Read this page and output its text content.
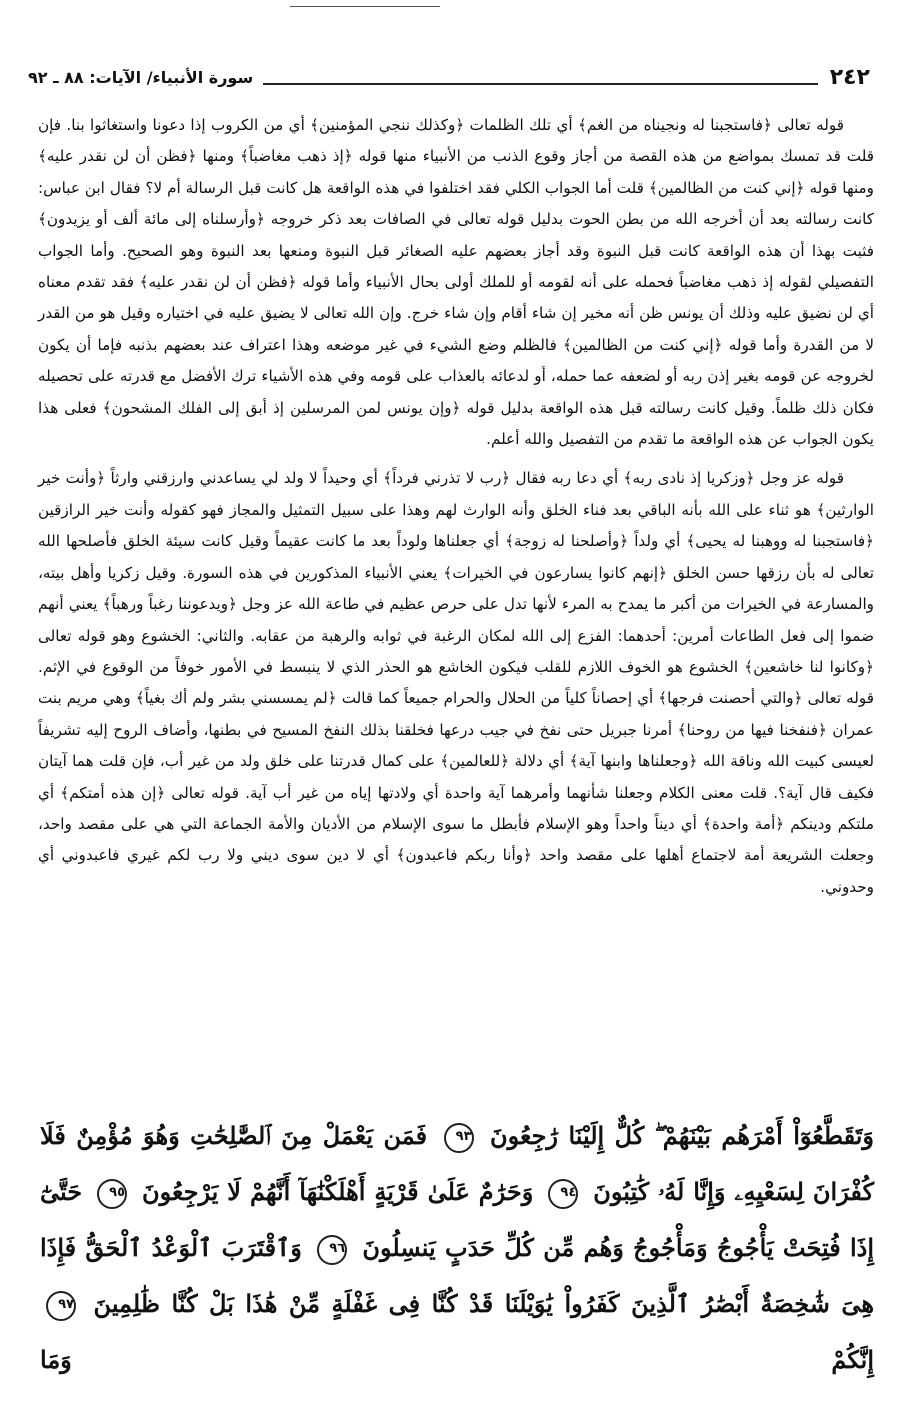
٢٤٢
سورة الأنبياء/ الآيات: ٨٨ ـ ٩٢

قوله تعالى ﴿فاستجبنا له ونجيناه من الغم﴾ أي تلك الظلمات ﴿وكذلك ننجي المؤمنين﴾ أي من الكروب إذا دعونا واستغاثوا بنا. فإن قلت قد تمسك بمواضع من هذه القصة من أجاز وقوع الذنب من الأنبياء منها قوله ﴿إذ ذهب مغاضباً﴾ ومنها ﴿فظن أن لن نقدر عليه﴾ ومنها قوله ﴿إني كنت من الظالمين﴾ قلت أما الجواب الكلي فقد اختلفوا في هذه الواقعة هل كانت قبل الرسالة أم لا؟ فقال ابن عباس: كانت رسالته بعد أن أخرجه الله من بطن الحوت بدليل قوله تعالى في الصافات بعد ذكر خروجه ﴿وأرسلناه إلى مائة ألف أو يزيدون﴾ فثبت بهذا أن هذه الواقعة كانت قبل النبوة وقد أجاز بعضهم عليه الصغائر قبل النبوة ومنعها بعد النبوة وهو الصحيح. وأما الجواب التفصيلي لقوله إذ ذهب مغاضباً فحمله على أنه لقومه أو للملك أولى بحال الأنبياء وأما قوله ﴿فظن أن لن نقدر عليه﴾ فقد تقدم معناه أي لن نضيق عليه وذلك أن يونس ظن أنه مخير إن شاء أقام وإن شاء خرج. وإن الله تعالى لا يضيق عليه في اختياره وقيل هو من القدر لا من القدرة وأما قوله ﴿إني كنت من الظالمين﴾ فالظلم وضع الشيء في غير موضعه وهذا اعتراف عند بعضهم بذنبه فإما أن يكون لخروجه عن قومه بغير إذن ربه أو لضعفه عما حمله، أو لدعائه بالعذاب على قومه وفي هذه الأشياء ترك الأفضل مع قدرته على تحصيله فكان ذلك ظلماً. وقيل كانت رسالته قبل هذه الواقعة بدليل قوله ﴿وإن يونس لمن المرسلين إذ أبق إلى الفلك المشحون﴾ فعلى هذا يكون الجواب عن هذه الواقعة ما تقدم من التفصيل والله أعلم.

قوله عز وجل ﴿وزكريا إذ نادى ربه﴾ أي دعا ربه فقال ﴿رب لا تذرني فرداً﴾ أي وحيداً لا ولد لي يساعدني وارزقني وارثاً ﴿وأنت خير الوارثين﴾ هو ثناء على الله بأنه الباقي بعد فناء الخلق وأنه الوارث لهم وهذا على سبيل التمثيل والمجاز فهو كقوله وأنت خير الرازقين ﴿فاستجبنا له ووهبنا له يحيى﴾ أي ولداً ﴿وأصلحنا له زوجة﴾ أي جعلناها ولوداً بعد ما كانت عقيماً وقيل كانت سيئة الخلق فأصلحها الله تعالى له بأن رزقها حسن الخلق ﴿إنهم كانوا يسارعون في الخيرات﴾ يعني الأنبياء المذكورين في هذه السورة. وقيل زكريا وأهل بيته، والمسارعة في الخيرات من أكبر ما يمدح به المرء لأنها تدل على حرص عظيم في طاعة الله عز وجل ﴿ويدعوننا رغباً ورهباً﴾ يعني أنهم ضموا إلى فعل الطاعات أمرين: أحدهما: الفزع إلى الله لمكان الرغبة في ثوابه والرهبة من عقابه. والثاني: الخشوع وهو قوله تعالى ﴿وكانوا لنا خاشعين﴾ الخشوع هو الخوف اللازم للقلب فيكون الخاشع هو الحذر الذي لا ينبسط في الأمور خوفاً من الوقوع في الإثم. قوله تعالى ﴿والتي أحصنت فرجها﴾ أي إحصاناً كلياً من الحلال والحرام جميعاً كما قالت ﴿لم يمسسني بشر ولم أك بغياً﴾ وهي مريم بنت عمران ﴿فنفخنا فيها من روحنا﴾ أمرنا جبريل حتى نفخ في جيب درعها فخلقنا بذلك النفخ المسيح في بطنها، وأضاف الروح إليه تشريفاً لعيسى كبيت الله وناقة الله ﴿وجعلناها وابنها آية﴾ أي دلالة ﴿للعالمين﴾ على كمال قدرتنا على خلق ولد من غير أب، فإن قلت هما آيتان فكيف قال آية؟. قلت معنى الكلام وجعلنا شأنهما وأمرهما آية واحدة أي ولادتها إياه من غير أب آية. قوله تعالى ﴿إن هذه أمتكم﴾ أي ملتكم ودينكم ﴿أمة واحدة﴾ أي ديناً واحداً وهو الإسلام فأبطل ما سوى الإسلام من الأديان والأمة الجماعة التي هي على مقصد واحد، وجعلت الشريعة أمة لاجتماع أهلها على مقصد واحد ﴿وأنا ربكم فاعبدون﴾ أي لا دين سوى ديني ولا رب لكم غيري فاعبدوني أي وحدوني.

وَتَقَطَّعُوٓاْ أَمْرَهُم بَيْنَهُمْ ۖ كُلٌّ إِلَيْنَا رَٰجِعُونَ ٩٣ فَمَن يَعْمَلْ مِنَ ٱلصَّٰلِحَٰتِ وَهُوَ مُؤْمِنٌ فَلَا كُفْرَانَ لِسَعْيِهِۦ وَإِنَّا لَهُۥ كَٰتِبُونَ ٩٤ وَحَرَٰمٌ عَلَىٰ قَرْيَةٍ أَهْلَكْنَٰهَآ أَنَّهُمْ لَا يَرْجِعُونَ ٩٥ حَتَّىٰٓ إِذَا فُتِحَتْ يَأْجُوجُ وَمَأْجُوجُ وَهُم مِّن كُلِّ حَدَبٍ يَنسِلُونَ ٩٦ وَٱقْتَرَبَ ٱلْوَعْدُ ٱلْحَقُّ فَإِذَا هِىَ شَٰخِصَةٌ أَبْصَٰرُ ٱلَّذِينَ كَفَرُواْ يَٰوَيْلَنَا قَدْ كُنَّا فِى غَفْلَةٍ مِّنْ هَٰذَا بَلْ كُنَّا ظَٰلِمِينَ ٩٧ إِنَّكُمْ وَمَا
